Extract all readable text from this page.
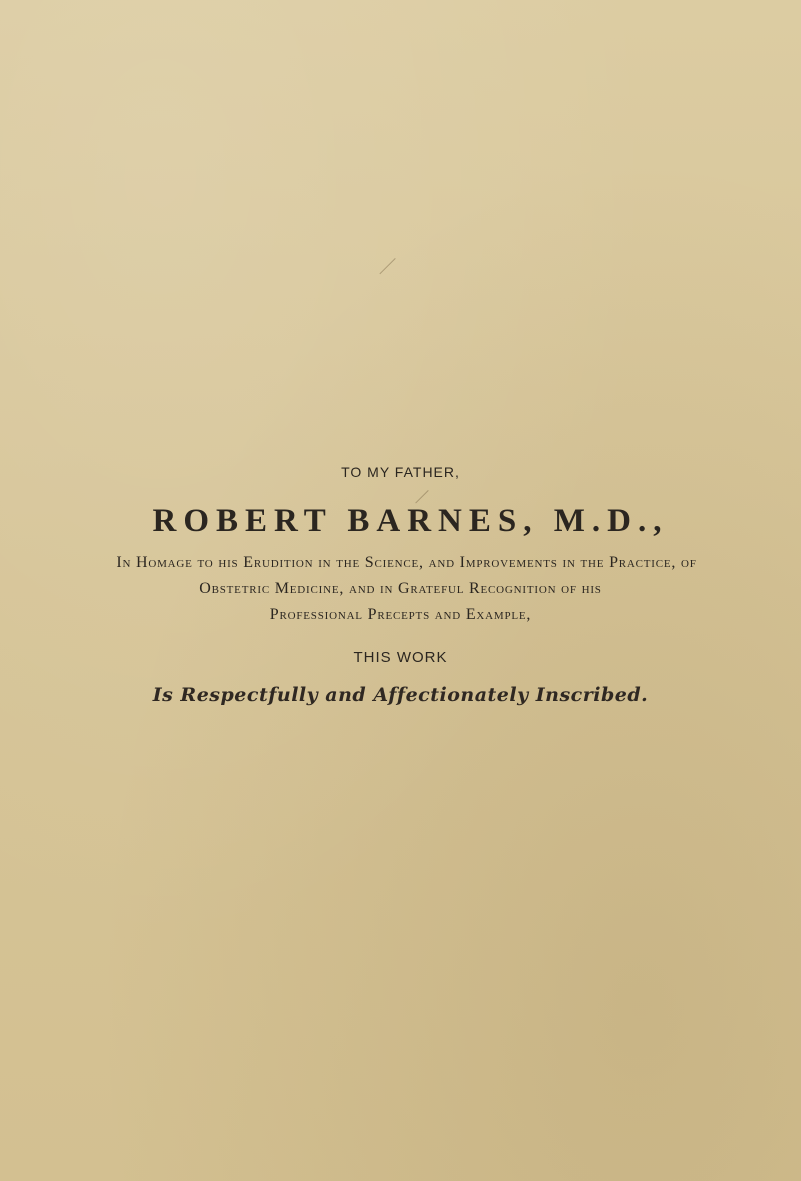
TO MY FATHER,
ROBERT BARNES, M.D.,
In Homage to his Erudition in the Science, and Improvements in the Practice, of
Obstetric Medicine, and in Grateful Recognition of his
Professional Precepts and Example,
THIS WORK
Is Respectfully and Affectionately Inscribed.
